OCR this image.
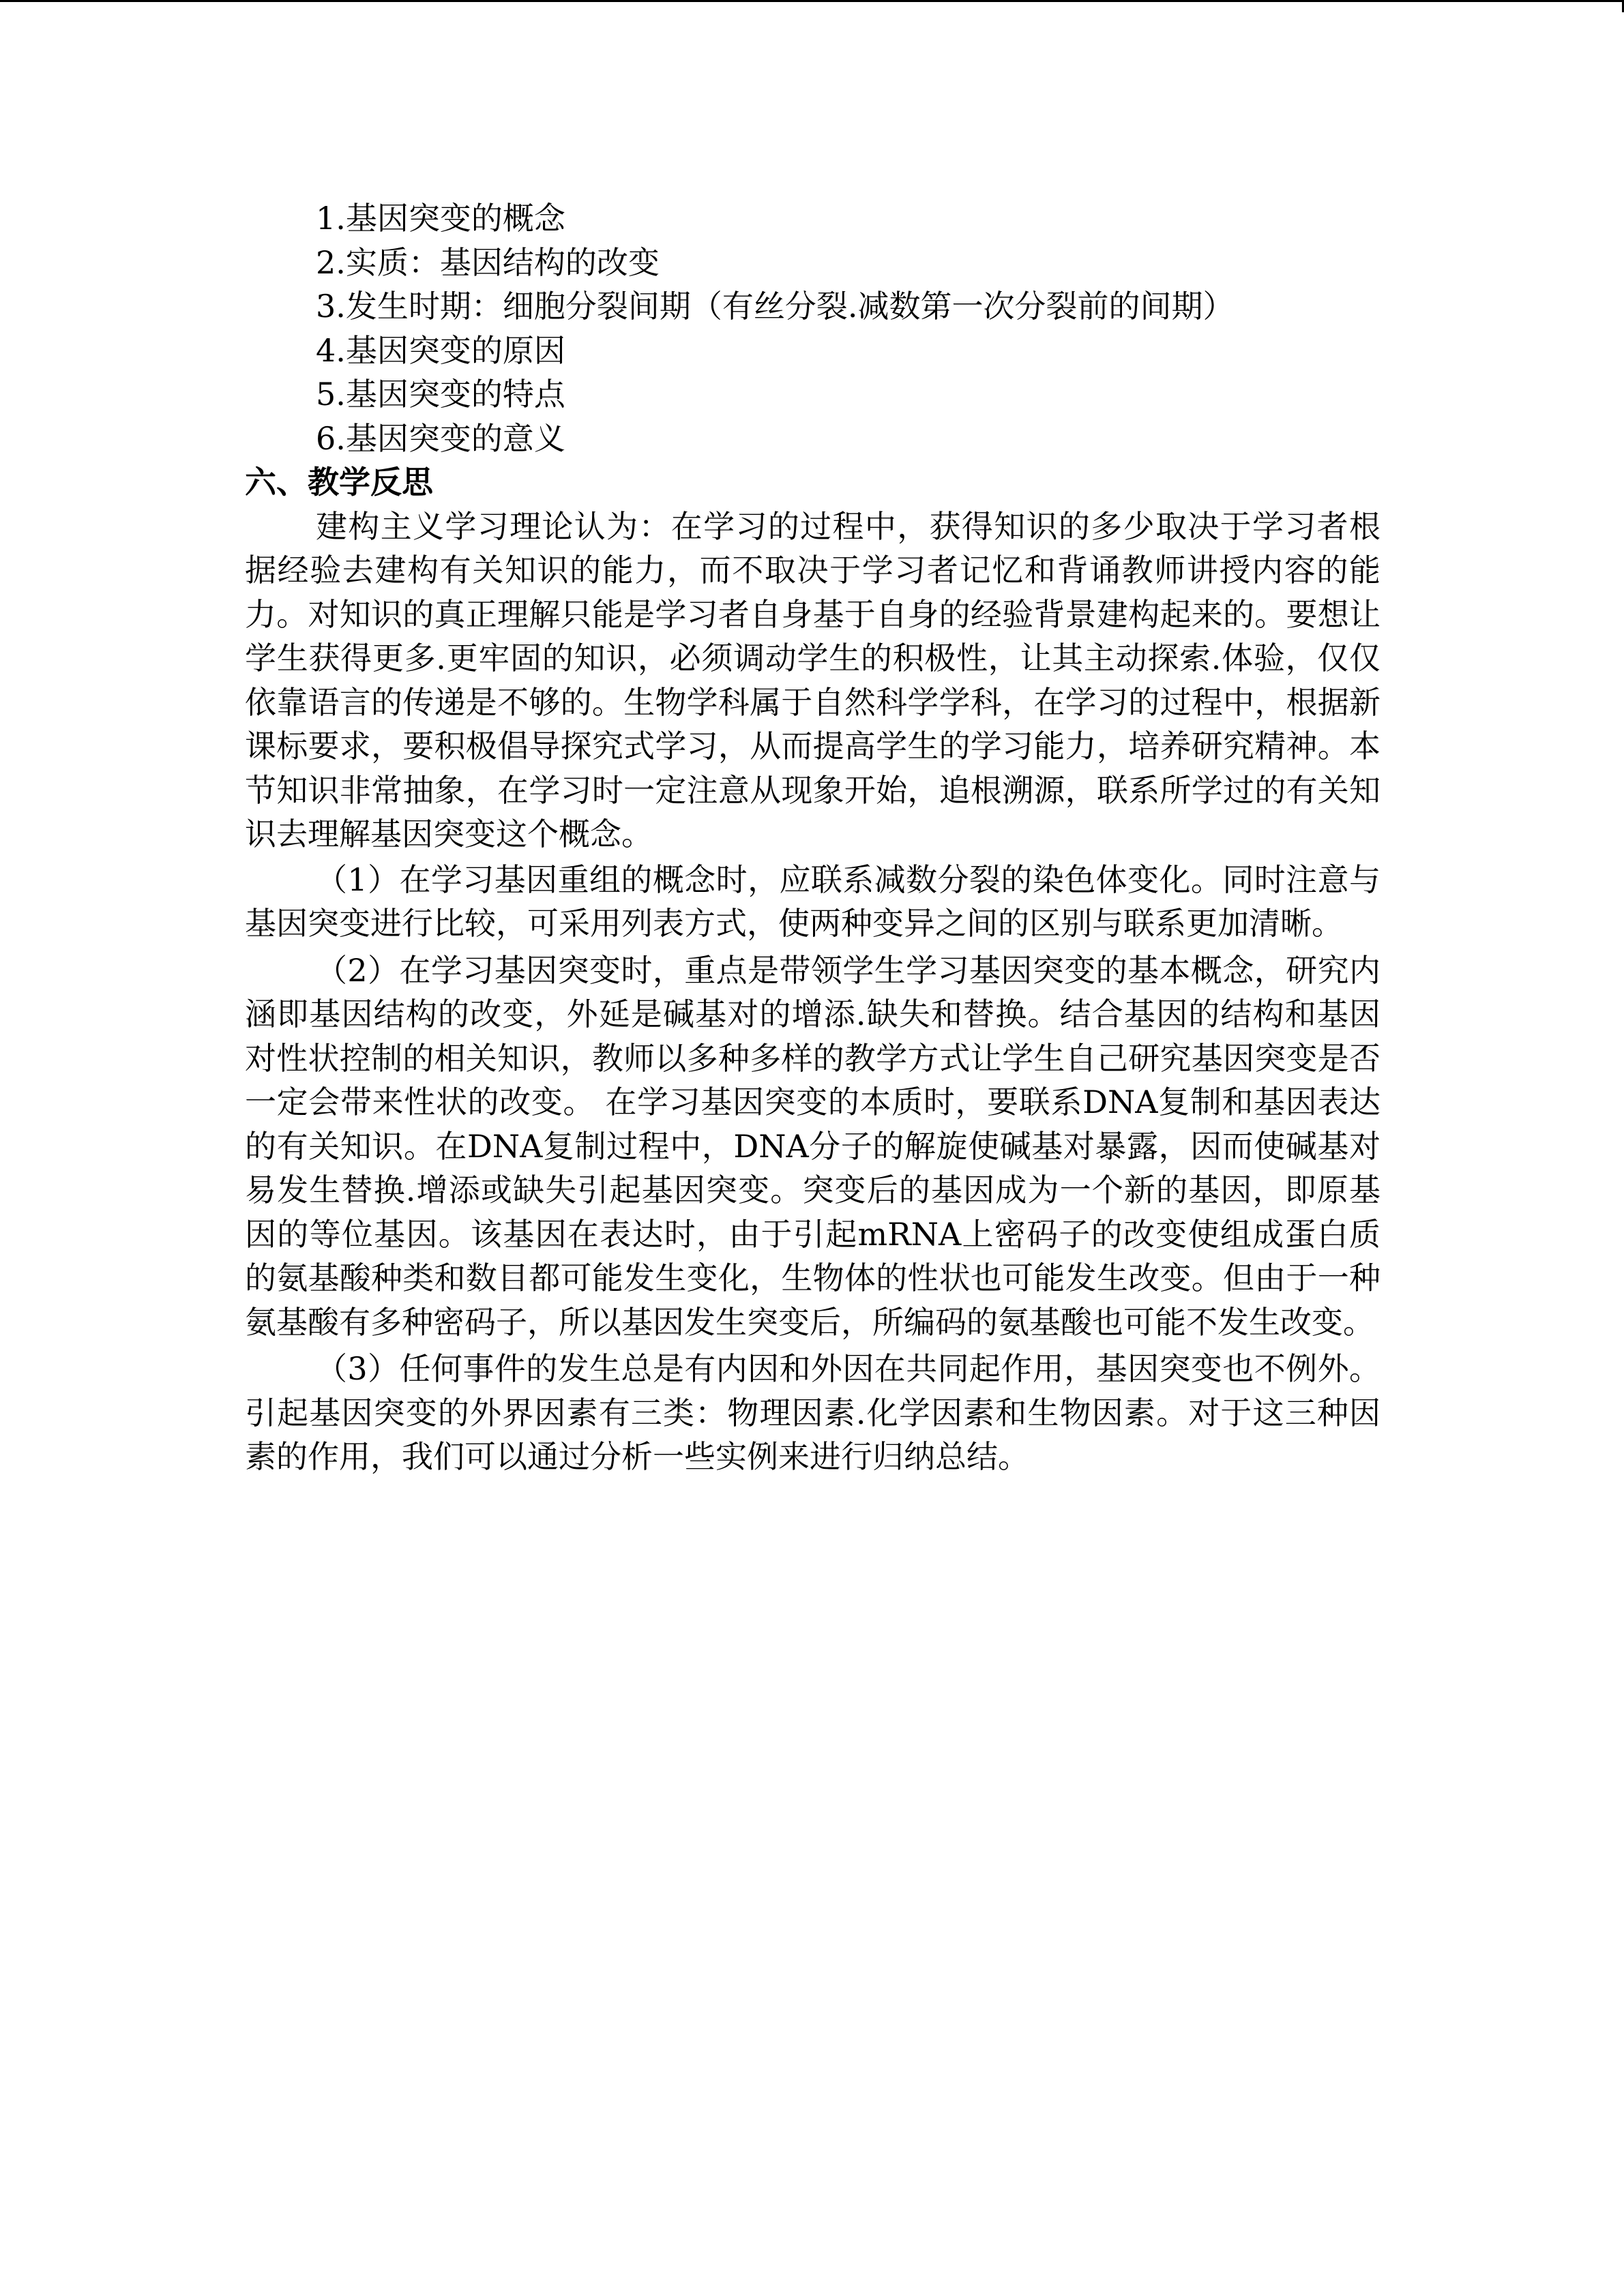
1.基因突变的概念
2.实质：基因结构的改变
3.发生时期：细胞分裂间期（有丝分裂.减数第一次分裂前的间期）
4.基因突变的原因
5.基因突变的特点
6.基因突变的意义
六、教学反思

建构主义学习理论认为：在学习的过程中，获得知识的多少取决于学习者根据经验去建构有关知识的能力，而不取决于学习者记忆和背诵教师讲授内容的能力。对知识的真正理解只能是学习者自身基于自身的经验背景建构起来的。要想让学生获得更多.更牢固的知识，必须调动学生的积极性，让其主动探索.体验，仅仅依靠语言的传递是不够的。生物学科属于自然科学学科，在学习的过程中，根据新课标要求，要积极倡导探究式学习，从而提高学生的学习能力，培养研究精神。本节知识非常抽象，在学习时一定注意从现象开始，追根溯源，联系所学过的有关知识去理解基因突变这个概念。

（1）在学习基因重组的概念时，应联系减数分裂的染色体变化。同时注意与基因突变进行比较，可采用列表方式，使两种变异之间的区别与联系更加清晰。

（2）在学习基因突变时，重点是带领学生学习基因突变的基本概念，研究内涵即基因结构的改变，外延是碱基对的增添.缺失和替换。结合基因的结构和基因对性状控制的相关知识，教师以多种多样的教学方式让学生自己研究基因突变是否一定会带来性状的改变。 在学习基因突变的本质时，要联系DNA复制和基因表达的有关知识。在DNA复制过程中，DNA分子的解旋使碱基对暴露，因而使碱基对易发生替换.增添或缺失引起基因突变。突变后的基因成为一个新的基因，即原基因的等位基因。该基因在表达时，由于引起mRNA上密码子的改变使组成蛋白质的氨基酸种类和数目都可能发生变化，生物体的性状也可能发生改变。但由于一种氨基酸有多种密码子，所以基因发生突变后，所编码的氨基酸也可能不发生改变。

（3）任何事件的发生总是有内因和外因在共同起作用，基因突变也不例外。引起基因突变的外界因素有三类：物理因素.化学因素和生物因素。对于这三种因素的作用，我们可以通过分析一些实例来进行归纳总结。
